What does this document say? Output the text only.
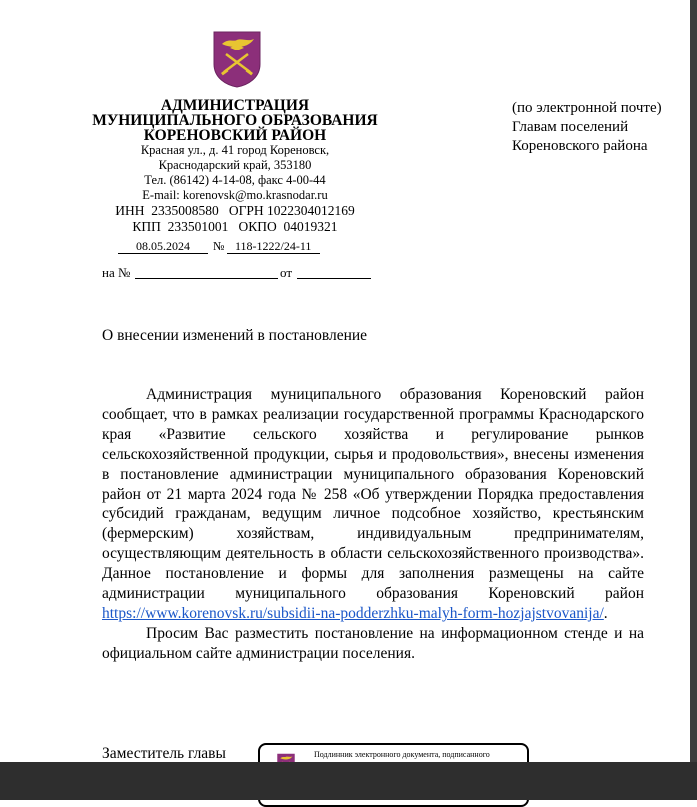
АДМИНИСТРАЦИЯ
МУНИЦИПАЛЬНОГО ОБРАЗОВАНИЯ
КОРЕНОВСКИЙ РАЙОН
Красная ул., д. 41 город Кореновск,
Краснодарский край, 353180
Тел. (86142) 4-14-08, факс 4-00-44
E-mail: korenovsk@mo.krasnodar.ru
ИНН  2335008580   ОГРН 1022304012169
КПП  233501001   ОКПО  04019321
08.05.2024 № 118-1222/24-11
на №	от
(по электронной почте)
Главам поселений
Кореновского района
О внесении изменений в постановление

Администрация муниципального образования Кореновский район сообщает, что в рамках реализации государственной программы Краснодарского края «Развитие сельского хозяйства и регулирование рынков сельскохозяйственной продукции, сырья и продовольствия», внесены изменения в постановление администрации муниципального образования Кореновский район от 21 марта 2024 года № 258 «Об утверждении Порядка предоставления субсидий гражданам, ведущим личное подсобное хозяйство, крестьянским (фермерским) хозяйствам, индивидуальным предпринимателям, осуществляющим деятельность в области сельскохозяйственного производства». Данное постановление и формы для заполнения размещены на сайте администрации муниципального образования Кореновский район https://www.korenovsk.ru/subsidii-na-podderzhku-malyh-form-hozjajstvovanija/.

Просим Вас разместить постановление на информационном стенде и на официальном сайте администрации поселения.

Заместитель главы	Подлинник электронного документа, подписанного
